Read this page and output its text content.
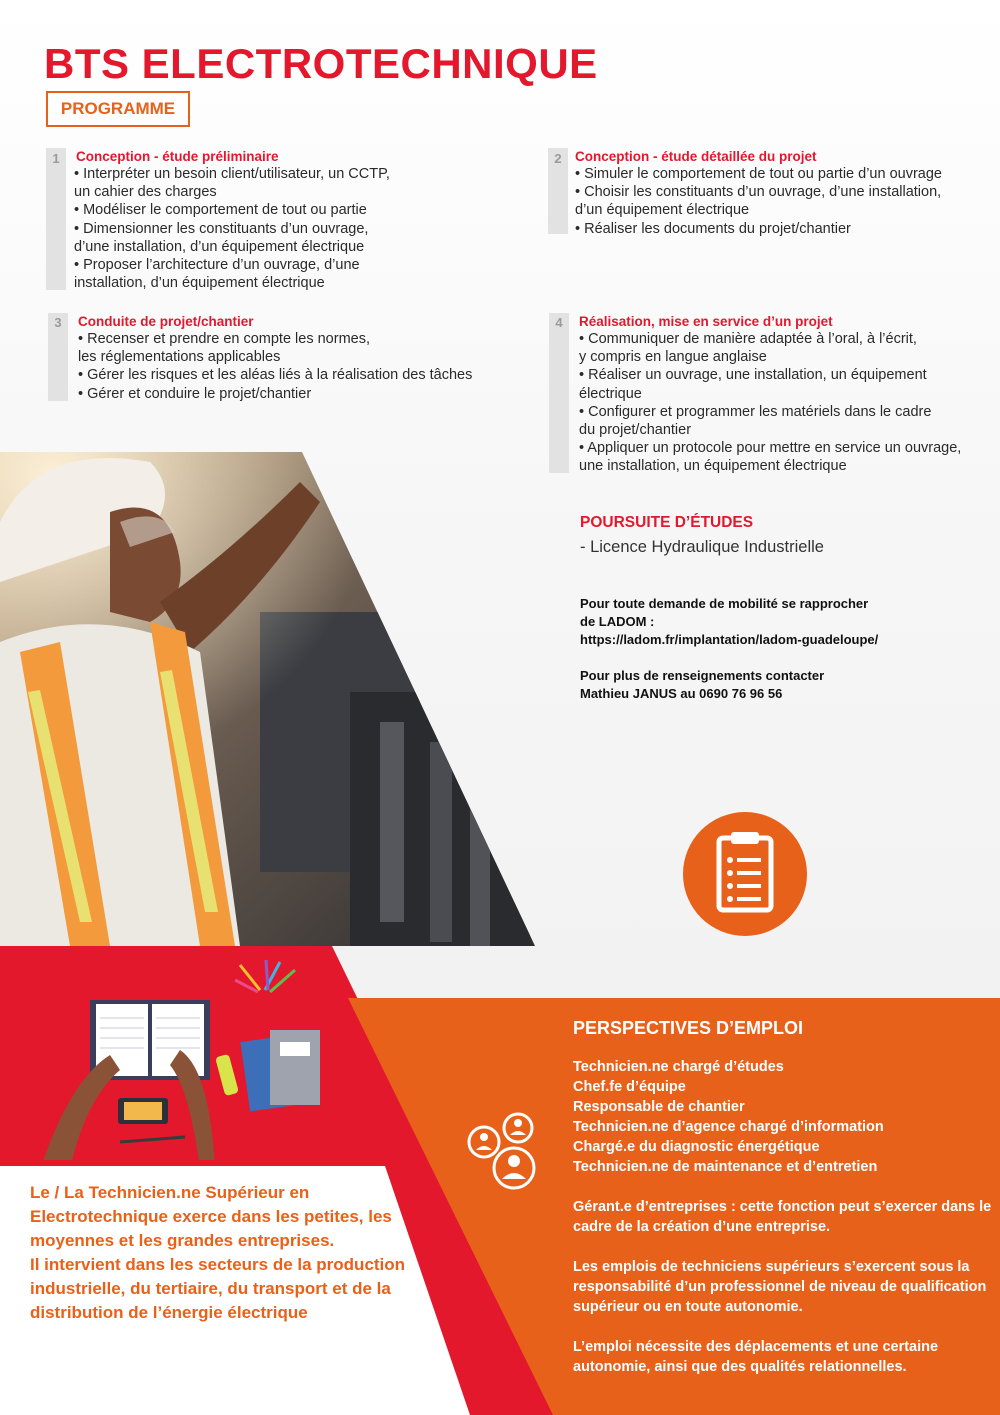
BTS ELECTROTECHNIQUE
PROGRAMME
1	Conception - étude préliminaire
• Interpréter un besoin client/utilisateur, un CCTP,
un cahier des charges
• Modéliser le comportement de tout ou partie
• Dimensionner les constituants d’un ouvrage,
d’une installation, d’un équipement électrique
• Proposer l’architecture d’un ouvrage, d’une
installation, d’un équipement électrique
2 Conception - étude détaillée du projet
• Simuler le comportement de tout ou partie d’un ouvrage
• Choisir les constituants d’un ouvrage, d’une installation,
d’un équipement électrique
• Réaliser les documents du projet/chantier
3	Conduite de projet/chantier
• Recenser et prendre en compte les normes,
les réglementations applicables
• Gérer les risques et les aléas liés à la réalisation des tâches
• Gérer et conduire le projet/chantier
4	Réalisation, mise en service d’un projet
• Communiquer de manière adaptée à l’oral, à l’écrit,
y compris en langue anglaise
• Réaliser un ouvrage, une installation, un équipement
électrique
• Configurer et programmer les matériels dans le cadre
du projet/chantier
• Appliquer un protocole pour mettre en service un ouvrage,
une installation, un équipement électrique
POURSUITE D’ÉTUDES
- Licence Hydraulique Industrielle
Pour toute demande de mobilité se rapprocher
de LADOM :
https://ladom.fr/implantation/ladom-guadeloupe/
Pour plus de renseignements contacter
Mathieu JANUS au 0690 76 96 56

Le / La Technicien.ne Supérieur en Electrotechnique exerce dans les petites, les moyennes et les grandes entreprises.

Il intervient dans les secteurs de la production industrielle, du tertiaire, du transport et de la distribution de l’énergie électrique

PERSPECTIVES D’EMPLOI
Technicien.ne chargé d’études
Chef.fe d’équipe
Responsable de chantier
Technicien.ne d’agence chargé d’information
Chargé.e du diagnostic énergétique
Technicien.ne de maintenance et d’entretien

Gérant.e d’entreprises : cette fonction peut s’exercer dans le cadre de la création d’une entreprise.

Les emplois de techniciens supérieurs s’exercent sous la responsabilité d’un professionnel de niveau de qualification supérieur ou en toute autonomie.

L’emploi nécessite des déplacements et une certaine autonomie, ainsi que des qualités relationnelles.
